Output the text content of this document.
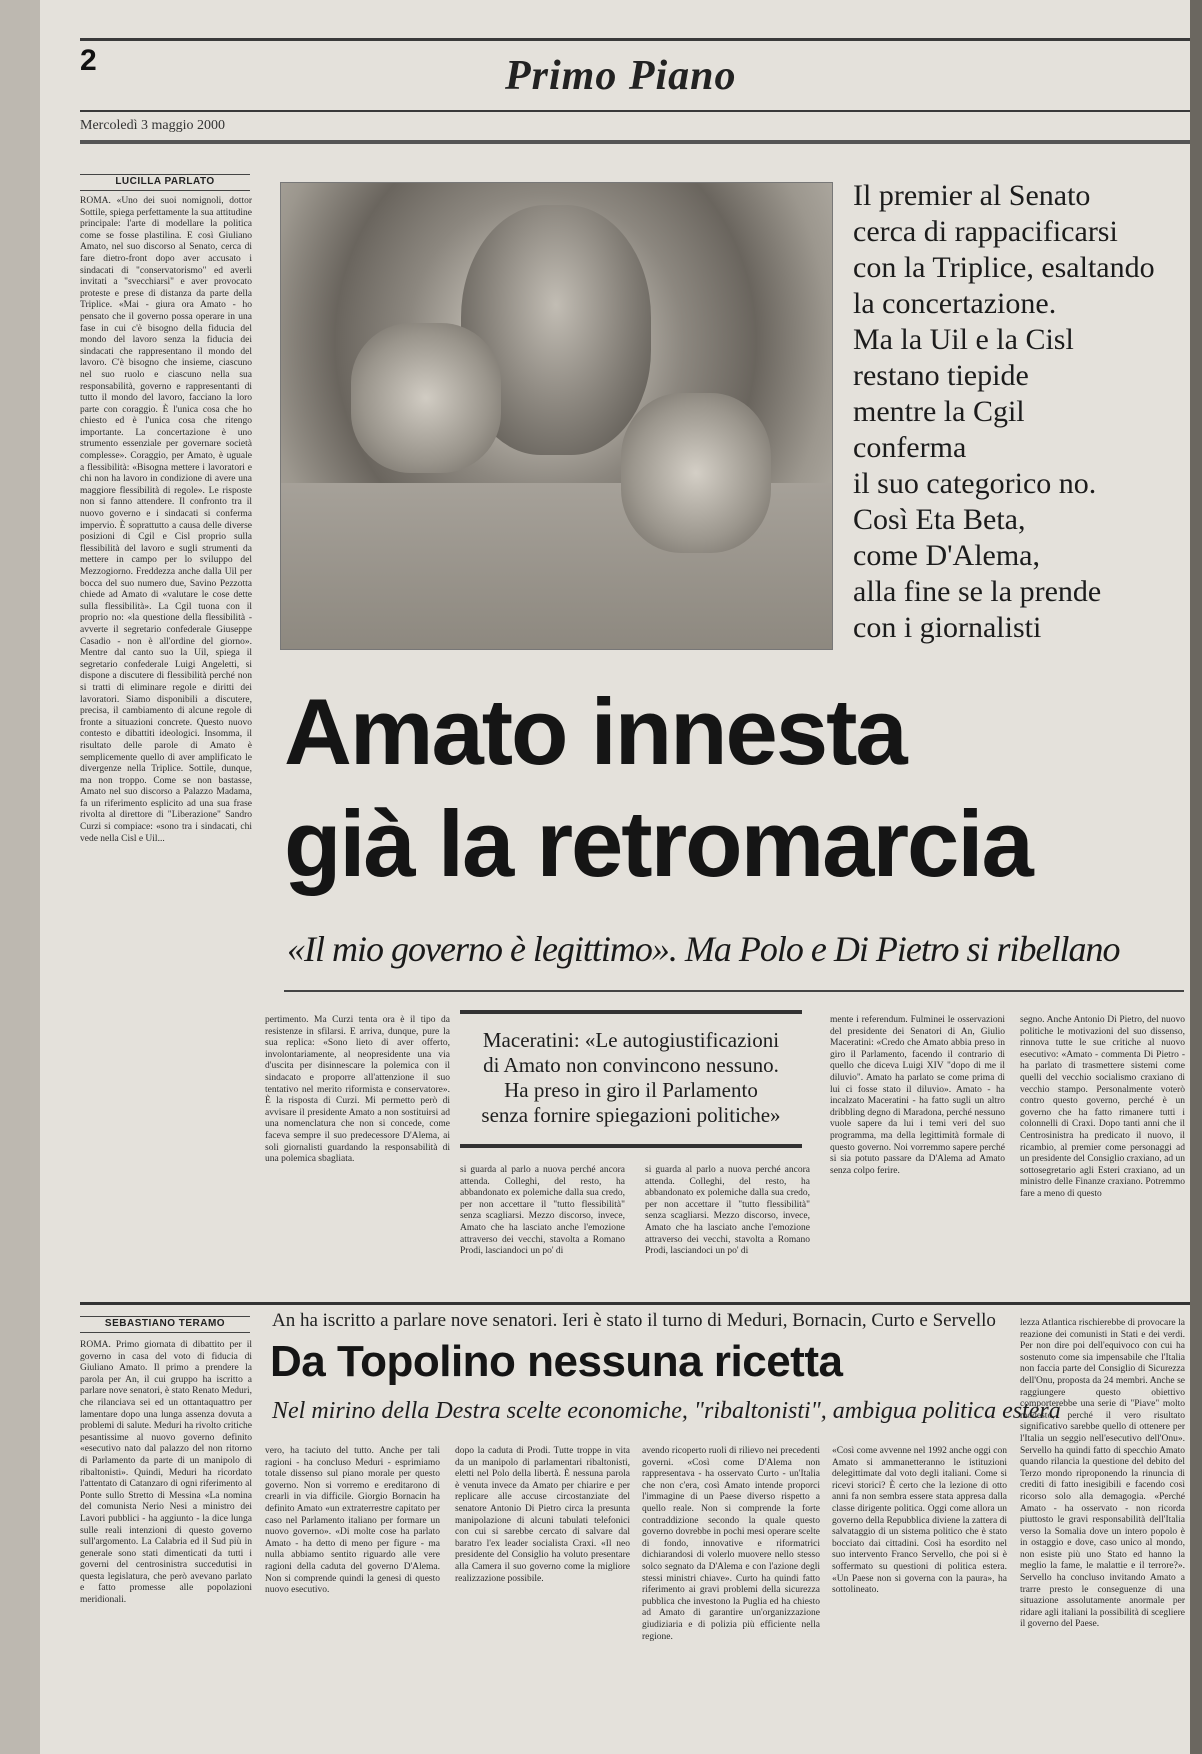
2	Primo Piano
Mercoledì 3 maggio 2000
LUCILLA PARLATO
ROMA. «Uno dei suoi nomignoli, dottor Sottile, spiega perfettamente la sua attitudine principale: l'arte di modellare la politica come se fosse plastilina. E così Giuliano Amato, nel suo discorso al Senato, cerca di fare dietro-front dopo aver accusato i sindacati di "conservatorismo" ed averli invitati a "svecchiarsi" e aver provocato proteste e prese di distanza da parte della Triplice. «Mai - giura ora Amato - ho pensato che il governo possa operare in una fase in cui c'è bisogno della fiducia del mondo del lavoro senza la fiducia dei sindacati che rappresentano il mondo del lavoro. C'è bisogno che insieme, ciascuno nel suo ruolo e ciascuno nella sua responsabilità, governo e rappresentanti di tutto il mondo del lavoro, facciano la loro parte con coraggio. È l'unica cosa che ho chiesto ed è l'unica cosa che ritengo importante. La concertazione è uno strumento essenziale per governare società complesse». Coraggio, per Amato, è uguale a flessibilità: «Bisogna mettere i lavoratori e chi non ha lavoro in condizione di avere una maggiore flessibilità di regole». Le risposte non si fanno attendere. Il confronto tra il nuovo governo e i sindacati si conferma impervio. È soprattutto a causa delle diverse posizioni di Cgil e Cisl proprio sulla flessibilità del lavoro e sugli strumenti da mettere in campo per lo sviluppo del Mezzogiorno. Freddezza anche dalla Uil per bocca del suo numero due, Savino Pezzotta chiede ad Amato di «valutare le cose dette sulla flessibilità». La Cgil tuona con il proprio no: «la questione della flessibilità - avverte il segretario confederale Giuseppe Casadio - non è all'ordine del giorno». Mentre dal canto suo la Uil, spiega il segretario confederale Luigi Angeletti, si dispone a discutere di flessibilità perché non si tratti di eliminare regole e diritti dei lavoratori. Siamo disponibili a discutere, precisa, il cambiamento di alcune regole di fronte a situazioni concrete. Questo nuovo contesto e dibattiti ideologici. Insomma, il risultato delle parole di Amato è semplicemente quello di aver amplificato le divergenze nella Triplice. Sottile, dunque, ma non troppo. Come se non bastasse, Amato nel suo discorso a Palazzo Madama, fa un riferimento esplicito ad una sua frase rivolta al direttore di "Liberazione" Sandro Curzi si compiace: «sono tra i sindacati, chi vede nella Cisl e Uil...
Il premier al Senato
cerca di rappacificarsi
con la Triplice, esaltando
la concertazione.
Ma la Uil e la Cisl
restano tiepide
mentre la Cgil
conferma
il suo categorico no.
Così Eta Beta,
come D'Alema,
alla fine se la prende
con i giornalisti
Amato innesta
già la retromarcia
«Il mio governo è legittimo». Ma Polo e Di Pietro si ribellano
pertimento. Ma Curzi tenta ora è il tipo da resistenze in sfilarsi. E arriva, dunque, pure la sua replica: «Sono lieto di aver offerto, involontariamente, al neopresidente una via d'uscita per disinnescare la polemica con il sindacato e proporre all'attenzione il suo tentativo nel merito riformista e conservatore». È la risposta di Curzi. Mi permetto però di avvisare il presidente Amato a non sostituirsi ad una nomenclatura che non si concede, come faceva sempre il suo predecessore D'Alema, ai soli giornalisti guardando la responsabilità di una polemica sbagliata.
Maceratini: «Le autogiustificazioni
di Amato non convincono nessuno.
Ha preso in giro il Parlamento
senza fornire spiegazioni politiche»
si guarda al parlo a nuova perché ancora attenda. Colleghi, del resto, ha abbandonato ex polemiche dalla sua credo, per non accettare il "tutto flessibilità" senza scagliarsi. Mezzo discorso, invece, Amato che ha lasciato anche l'emozione attraverso dei vecchi, stavolta a Romano Prodi, lasciandoci un po' di
si guarda al parlo a nuova perché ancora attenda. Colleghi, del resto, ha abbandonato ex polemiche dalla sua credo, per non accettare il "tutto flessibilità" senza scagliarsi. Mezzo discorso, invece, Amato che ha lasciato anche l'emozione attraverso dei vecchi, stavolta a Romano Prodi, lasciandoci un po' di
mente i referendum. Fulminei le osservazioni del presidente dei Senatori di An, Giulio Maceratini: «Credo che Amato abbia preso in giro il Parlamento, facendo il contrario di quello che diceva Luigi XIV "dopo di me il diluvio". Amato ha parlato se come prima di lui ci fosse stato il diluvio». Amato - ha incalzato Maceratini - ha fatto sugli un altro dribbling degno di Maradona, perché nessuno vuole sapere da lui i temi veri del suo programma, ma della legittimità formale di questo governo. Noi vorremmo sapere perché si sia potuto passare da D'Alema ad Amato senza colpo ferire.
segno. Anche Antonio Di Pietro, del nuovo politiche le motivazioni del suo dissenso, rinnova tutte le sue critiche al nuovo esecutivo: «Amato - commenta Di Pietro - ha parlato di trasmettere sistemi come quelli del vecchio socialismo craxiano di vecchio stampo. Personalmente voterò contro questo governo, perché è un governo che ha fatto rimanere tutti i colonnelli di Craxi. Dopo tanti anni che il Centrosinistra ha predicato il nuovo, il ricambio, al premier come personaggi ad un presidente del Consiglio craxiano, ad un sottosegretario agli Esteri craxiano, ad un ministro delle Finanze craxiano. Potremmo fare a meno di questo
SEBASTIANO TERAMO
ROMA. Primo giornata di dibattito per il governo in casa del voto di fiducia di Giuliano Amato. Il primo a prendere la parola per An, il cui gruppo ha iscritto a parlare nove senatori, è stato Renato Meduri, che rilanciava sei ed un ottantaquattro per lamentare dopo una lunga assenza dovuta a problemi di salute. Meduri ha rivolto critiche pesantissime al nuovo governo definito «esecutivo nato dal palazzo del non ritorno di Parlamento da parte di un manipolo di ribaltonisti». Quindi, Meduri ha ricordato l'attentato di Catanzaro di ogni riferimento al Ponte sullo Stretto di Messina «La nomina del comunista Nerio Nesi a ministro dei Lavori pubblici - ha aggiunto - la dice lunga sulle reali intenzioni di questo governo sull'argomento. La Calabria ed il Sud più in generale sono stati dimenticati da tutti i governi del centrosinistra succedutisi in questa legislatura, che però avevano parlato e fatto promesse alle popolazioni meridionali.
An ha iscritto a parlare nove senatori. Ieri è stato il turno di Meduri, Bornacin, Curto e Servello
Da Topolino nessuna ricetta
Nel mirino della Destra scelte economiche, "ribaltonisti", ambigua politica estera
vero, ha taciuto del tutto. Anche per tali ragioni - ha concluso Meduri - esprimiamo totale dissenso sul piano morale per questo governo. Non si vorremo e ereditarono di crearli in via difficile. Giorgio Bornacin ha definito Amato «un extraterrestre capitato per caso nel Parlamento italiano per formare un nuovo governo». «Di molte cose ha parlato Amato - ha detto di meno per figure - ma nulla abbiamo sentito riguardo alle vere ragioni della caduta del governo D'Alema. Non si comprende quindi la genesi di questo nuovo esecutivo.
dopo la caduta di Prodi. Tutte troppe in vita da un manipolo di parlamentari ribaltonisti, eletti nel Polo della libertà. È nessuna parola è venuta invece da Amato per chiarire e per replicare alle accuse circostanziate del senatore Antonio Di Pietro circa la presunta manipolazione di alcuni tabulati telefonici con cui si sarebbe cercato di salvare dal baratro l'ex leader socialista Craxi. «Il neo presidente del Consiglio ha voluto presentare alla Camera il suo governo come la migliore realizzazione possibile.
avendo ricoperto ruoli di rilievo nei precedenti governi. «Così come D'Alema non rappresentava - ha osservato Curto - un'Italia che non c'era, così Amato intende proporci l'immagine di un Paese diverso rispetto a quello reale. Non si comprende la forte contraddizione secondo la quale questo governo dovrebbe in pochi mesi operare scelte di fondo, innovative e riformatrici dichiarandosi di volerlo muovere nello stesso solco segnato da D'Alema e con l'azione degli stessi ministri chiave». Curto ha quindi fatto riferimento ai gravi problemi della sicurezza pubblica che investono la Puglia ed ha chiesto ad Amato di garantire un'organizzazione giudiziaria e di polizia più efficiente nella regione.
«Così come avvenne nel 1992 anche oggi con Amato si ammanetteranno le istituzioni delegittimate dal voto degli italiani. Come si ricevi storici? È certo che la lezione di otto anni fa non sembra essere stata appresa dalla classe dirigente politica. Oggi come allora un governo della Repubblica diviene la zattera di salvataggio di un sistema politico che è stato bocciato dai cittadini. Così ha esordito nel suo intervento Franco Servello, che poi si è soffermato su questioni di politica estera. «Un Paese non si governa con la paura», ha sottolineato.
lezza Atlantica rischierebbe di provocare la reazione dei comunisti in Stati e dei verdi. Per non dire poi dell'equivoco con cui ha sostenuto come sia impensabile che l'Italia non faccia parte del Consiglio di Sicurezza dell'Onu, proposta da 24 membri. Anche se raggiungere questo obiettivo comporterebbe una serie di "Piave" molto modesto, perché il vero risultato significativo sarebbe quello di ottenere per l'Italia un seggio nell'esecutivo dell'Onu». Servello ha quindi fatto di specchio Amato quando rilancia la questione del debito del Terzo mondo riproponendo la rinuncia di crediti di fatto inesigibili e facendo così ricorso solo alla demagogia. «Perché Amato - ha osservato - non ricorda piuttosto le gravi responsabilità dell'Italia verso la Somalia dove un intero popolo è in ostaggio e dove, caso unico al mondo, non esiste più uno Stato ed hanno la meglio la fame, le malattie e il terrore?». Servello ha concluso invitando Amato a trarre presto le conseguenze di una situazione assolutamente anormale per ridare agli italiani la possibilità di scegliere il governo del Paese.
